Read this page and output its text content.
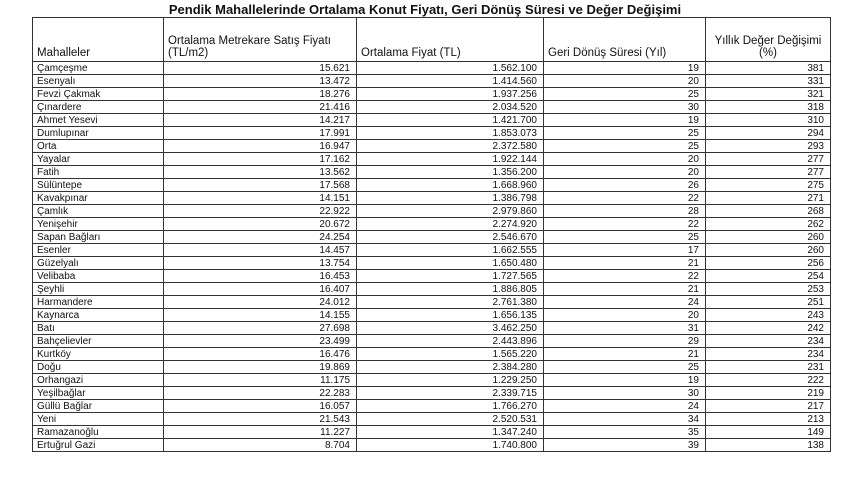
Pendik Mahallelerinde Ortalama Konut Fiyatı, Geri Dönüş Süresi ve Değer Değişimi
Mahalleler	Ortalama Metrekare Satış Fiyatı (TL/m2)	Ortalama Fiyat (TL)	Geri Dönüş Süresi (Yıl)	Yıllık Değer Değişimi (%)
Çamçeşme	15.621	1.562.100	19	381
Esenyalı	13.472	1.414.560	20	331
Fevzi Çakmak	18.276	1.937.256	25	321
Çınardere	21.416	2.034.520	30	318
Ahmet Yesevi	14.217	1.421.700	19	310
Dumlupınar	17.991	1.853.073	25	294
Orta	16.947	2.372.580	25	293
Yayalar	17.162	1.922.144	20	277
Fatih	13.562	1.356.200	20	277
Sülüntepe	17.568	1.668.960	26	275
Kavakpınar	14.151	1.386.798	22	271
Çamlık	22.922	2.979.860	28	268
Yenişehir	20.672	2.274.920	22	262
Sapan Bağları	24.254	2.546.670	25	260
Esenler	14.457	1.662.555	17	260
Güzelyalı	13.754	1.650.480	21	256
Velibaba	16.453	1.727.565	22	254
Şeyhli	16.407	1.886.805	21	253
Harmandere	24.012	2.761.380	24	251
Kaynarca	14.155	1.656.135	20	243
Batı	27.698	3.462.250	31	242
Bahçelievler	23.499	2.443.896	29	234
Kurtköy	16.476	1.565.220	21	234
Doğu	19.869	2.384.280	25	231
Orhangazi	11.175	1.229.250	19	222
Yeşilbağlar	22.283	2.339.715	30	219
Güllü Bağlar	16.057	1.766.270	24	217
Yeni	21.543	2.520.531	34	213
Ramazanoğlu	11.227	1.347.240	35	149
Ertuğrul Gazi	8.704	1.740.800	39	138
